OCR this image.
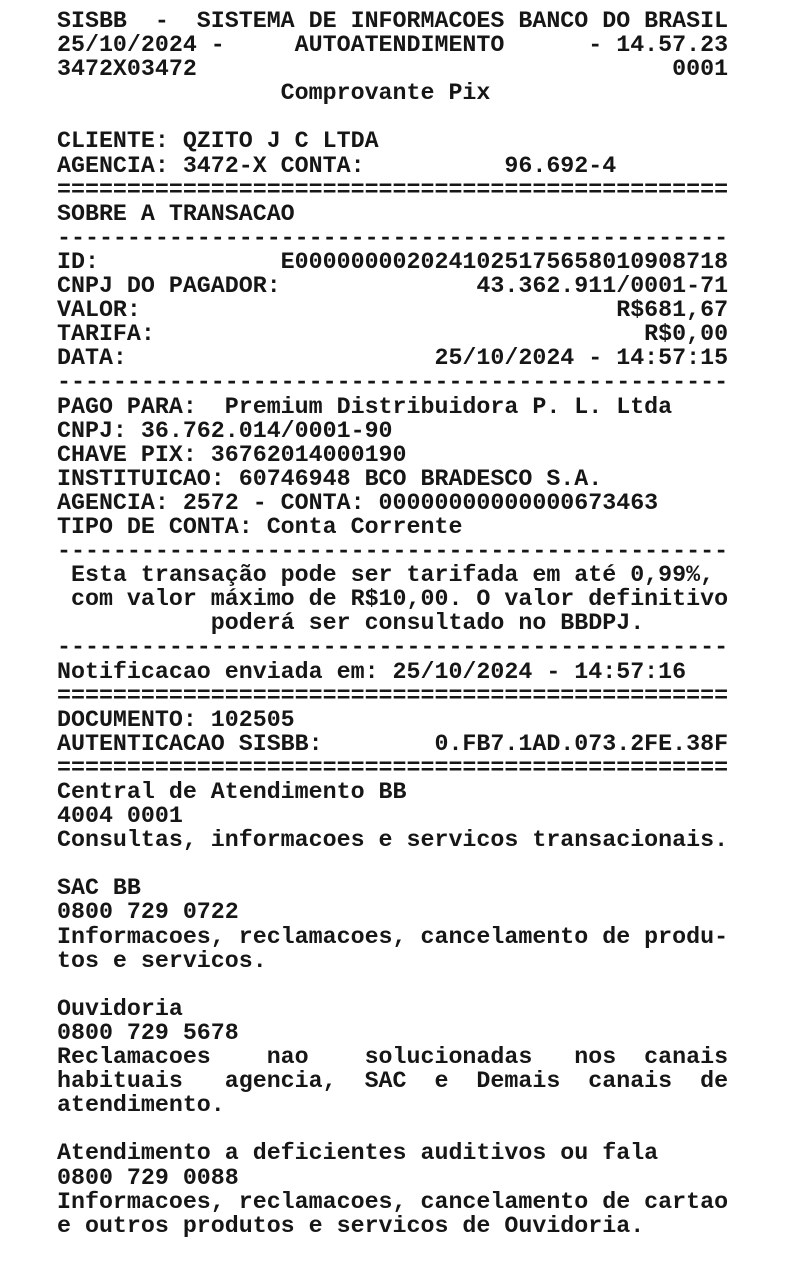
SISBB  -  SISTEMA DE INFORMACOES BANCO DO BRASIL
25/10/2024 -     AUTOATENDIMENTO      - 14.57.23
3472X03472                                  0001
Comprovante Pix
CLIENTE: QZITO J C LTDA
AGENCIA: 3472-X CONTA:          96.692-4
================================================
SOBRE A TRANSACAO
------------------------------------------------
ID:             E0000000020241025175658010908718
CNPJ DO PAGADOR:              43.362.911/0001-71
VALOR:                                  R$681,67
TARIFA:                                   R$0,00
DATA:                      25/10/2024 - 14:57:15
------------------------------------------------
PAGO PARA:  Premium Distribuidora P. L. Ltda
CNPJ: 36.762.014/0001-90
CHAVE PIX: 36762014000190
INSTITUICAO: 60746948 BCO BRADESCO S.A.
AGENCIA: 2572 - CONTA: 00000000000000673463
TIPO DE CONTA: Conta Corrente
------------------------------------------------
Esta transação pode ser tarifada em até 0,99%,
com valor máximo de R$10,00. O valor definitivo
poderá ser consultado no BBDPJ.
------------------------------------------------
Notificacao enviada em: 25/10/2024 - 14:57:16
================================================
DOCUMENTO: 102505
AUTENTICACAO SISBB:        0.FB7.1AD.073.2FE.38F
================================================
Central de Atendimento BB
4004 0001
Consultas, informacoes e servicos transacionais.
SAC BB
0800 729 0722
Informacoes, reclamacoes, cancelamento de produ-
tos e servicos.
Ouvidoria
0800 729 5678
Reclamacoes    nao    solucionadas   nos  canais
habituais   agencia,  SAC  e  Demais  canais  de
atendimento.
Atendimento a deficientes auditivos ou fala
0800 729 0088
Informacoes, reclamacoes, cancelamento de cartao
e outros produtos e servicos de Ouvidoria.
